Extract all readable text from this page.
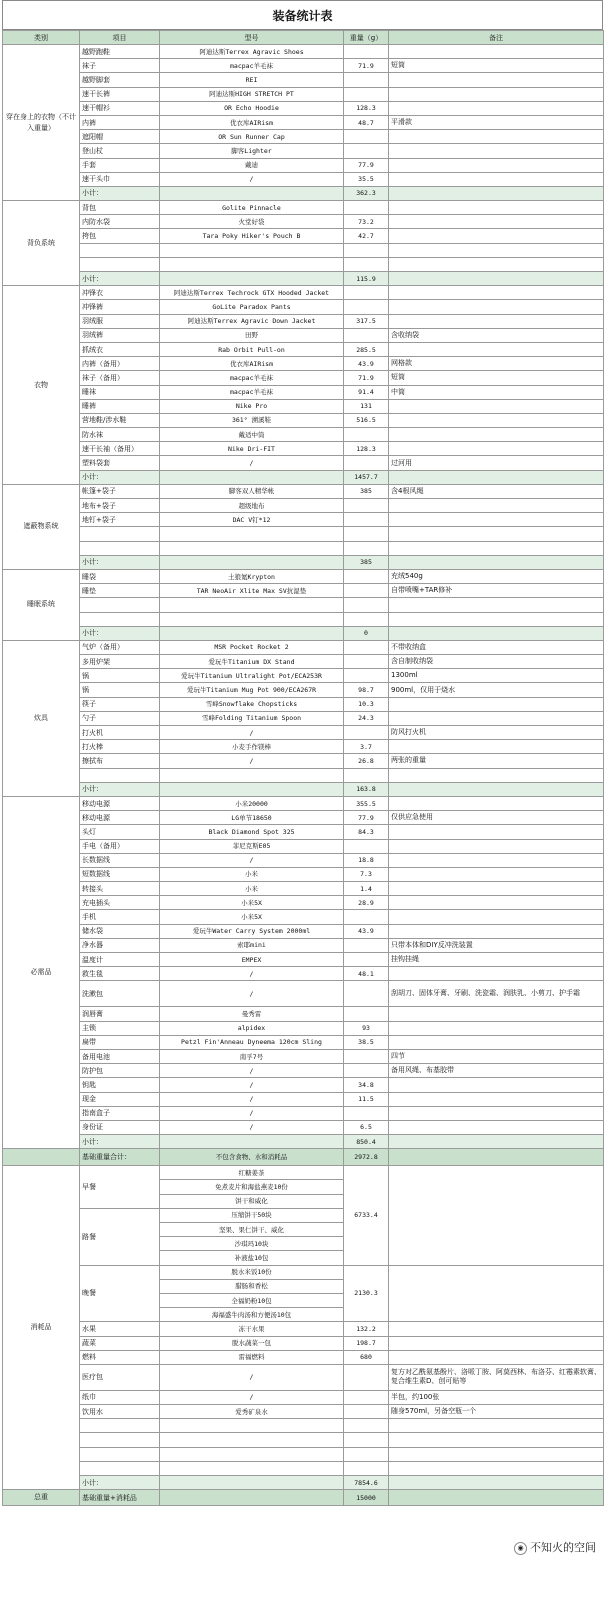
装备统计表
类别	项目	型号	重量（g）	备注
穿在身上的衣物（不计入重量）	越野跑鞋	阿迪达斯Terrex Agravic Shoes		
	袜子	macpac羊毛袜	71.9	短筒
	越野脚套	REI		
	速干长裤	阿迪达斯HIGH STRETCH PT		
	速干帽衫	OR Echo Hoodie	128.3	
	内裤	优衣库AIRism	48.7	平滑款
	遮阳帽	OR Sun Runner Cap		
	登山杖	脚客Lighter		
	手套	戴迪	77.9	
	速干头巾	/	35.5	
	小计：		362.3	
背负系统	背包	Golite Pinnacle		
	内防水袋	火堂好袋	73.2	
	挎包	Tara Poky Hiker's Pouch B	42.7	

	小计：		115.9	
衣物	冲锋衣	阿迪达斯Terrex Techrock GTX Hooded Jacket		
	冲锋裤	GoLite Paradox Pants		
	羽绒服	阿迪达斯Terrex Agravic Down Jacket	317.5	
	羽绒裤	田野		含收纳袋
	抓绒衣	Rab Orbit Pull-on	285.5	
	内裤（备用）	优衣库AIRism	43.9	网格款
	袜子（备用）	macpac羊毛袜	71.9	短筒
	睡袜	macpac羊毛袜	91.4	中筒
	睡裤	Nike Pro	131	
	营地鞋/涉水鞋	361° 溯溪鞋	516.5	
	防水袜	戴适中筒		
	速干长袖（备用）	Nike Dri-FIT	128.3	
	塑料袋套	/		过河用
	小计：		1457.7	
遮蔽物系统	帐篷+袋子	脚客双人精华帐	385	含4根风绳
	地布+袋子	超级地布		
	地钉+袋子	DAC V钉*12		

	小计：		385	
睡眠系统	睡袋	土狼氪Krypton		充绒540g
	睡垫	TAR NeoAir Xlite Max SV抗湿垫		自带喷嘴+TAR修补

	小计：		0	
炊具	气炉（备用）	MSR Pocket Rocket 2		不带收纳盒
	多用炉架	爱玩牛Titanium DX Stand		含自制收纳袋
	锅	爱玩牛Titanium Ultralight Pot/ECA253R		1300ml
	锅	爱玩牛Titanium Mug Pot 900/ECA267R	98.7	900ml，仅用于烧水
	筷子	雪峰Snowflake Chopsticks	10.3	
	勺子	雪峰Folding Titanium Spoon	24.3	
	打火机	/		防风打火机
	打火棒	小麦手作镁棒	3.7	
	擦拭布	/	26.8	两张的重量

	小计：		163.8	
必需品	移动电源	小米20000	355.5	
	移动电源	LG单节18650	77.9	仅供应急使用
	头灯	Black Diamond Spot 325	84.3	
	手电（备用）	菲尼克斯E05		
	长数据线	/	18.8	
	短数据线	小米	7.3	
	转接头	小米	1.4	
	充电插头	小米5X	28.9	
	手机	小米5X		
	储水袋	爱玩牛Water Carry System 2000ml	43.9	
	净水器	索耶mini		只带本体和DIY反冲洗装置
	温度计	EMPEX		挂钩挂绳
	救生毯	/	48.1	
	洗漱包	/		刮胡刀、固体牙膏、牙刷、洗瓷霜、润肤乳、小剪刀、护手霜
	润唇膏	曼秀雷		
	主锁	alpidex	93	
	扁带	Petzl Fin'Anneau Dyneema 120cm Sling	38.5	
	备用电池	南孚7号		四节
	防护包	/		备用风绳、布基胶带
	钥匙	/	34.8	
	现金	/	11.5	
	指南盒子	/		
	身份证	/	6.5	
	小计：		850.4	
	基础重量合计：	不包含食物、水和消耗品	2972.8	
消耗品	早餐	红糖姜茶	6733.4	
		免煮麦片和海盐燕麦10份		
		饼干和威化		
	路餐	压缩饼干50块		
		坚果、果仁饼干、威化		
		沙琪玛10块		
		补液盐10包		
	晚餐	脱水米饭10份	2130.3	
		腊肠和香松		
		全福奶粉10包		
		海福盛牛肉汤和方便汤10包		
	水果	冻干水果	132.2	
	蔬菜	脱水蔬菜一包	198.7	
	燃料	雷福燃料	680	
	医疗包	/		复方对乙酰氨基酚片、洛哌丁胺、阿莫西林、布洛芬、红霉素软膏、复合维生素D、创可贴等
	纸巾	/		半包，约100张
	饮用水	爱秀矿泉水		随身570ml，另备空瓶一个

	小计：		7854.6	
总重	基础重量+消耗品		15000	
◉ 不知火的空间
